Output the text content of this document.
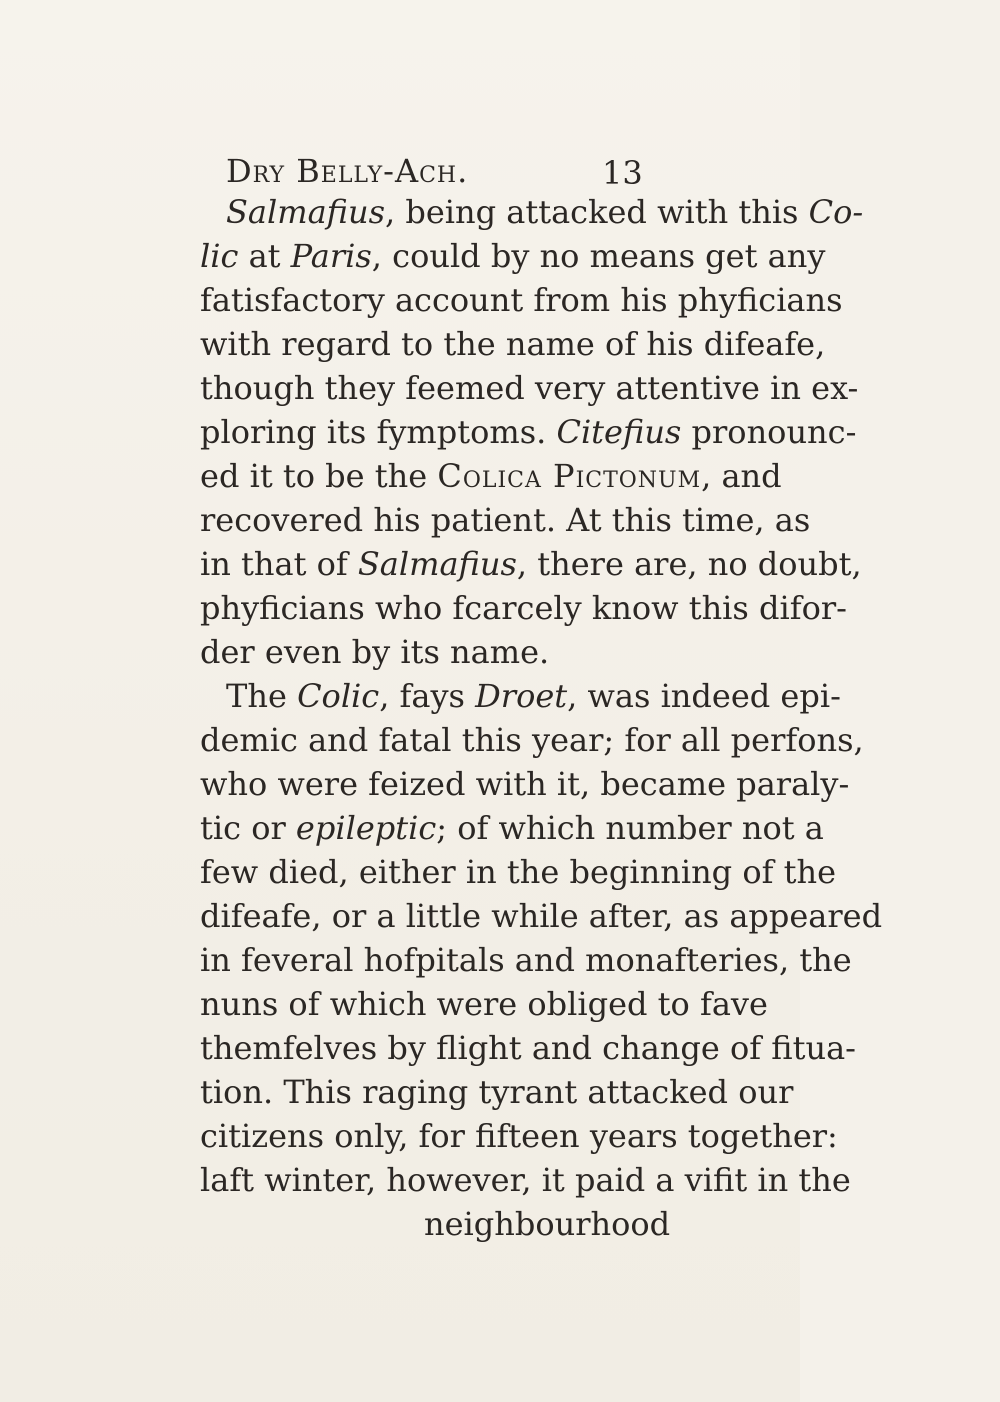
Dry Belly-Ach.	13
Salmafius, being attacked with this Co-
lic at Paris, could by no means get any
fatisfactory account from his phyficians
with regard to the name of his difeafe,
though they feemed very attentive in ex-
ploring its fymptoms. Citefius pronounc-
ed it to be the Colica Pictonum, and
recovered his patient. At this time, as
in that of Salmafius, there are, no doubt,
phyficians who fcarcely know this difor-
der even by its name.
The Colic, fays Droet, was indeed epi-
demic and fatal this year; for all perfons,
who were feized with it, became paraly-
tic or epileptic; of which number not a
few died, either in the beginning of the
difeafe, or a little while after, as appeared
in feveral hofpitals and monafteries, the
nuns of which were obliged to fave
themfelves by flight and change of fitua-
tion. This raging tyrant attacked our
citizens only, for fifteen years together:
laft winter, however, it paid a vifit in the
neighbourhood
